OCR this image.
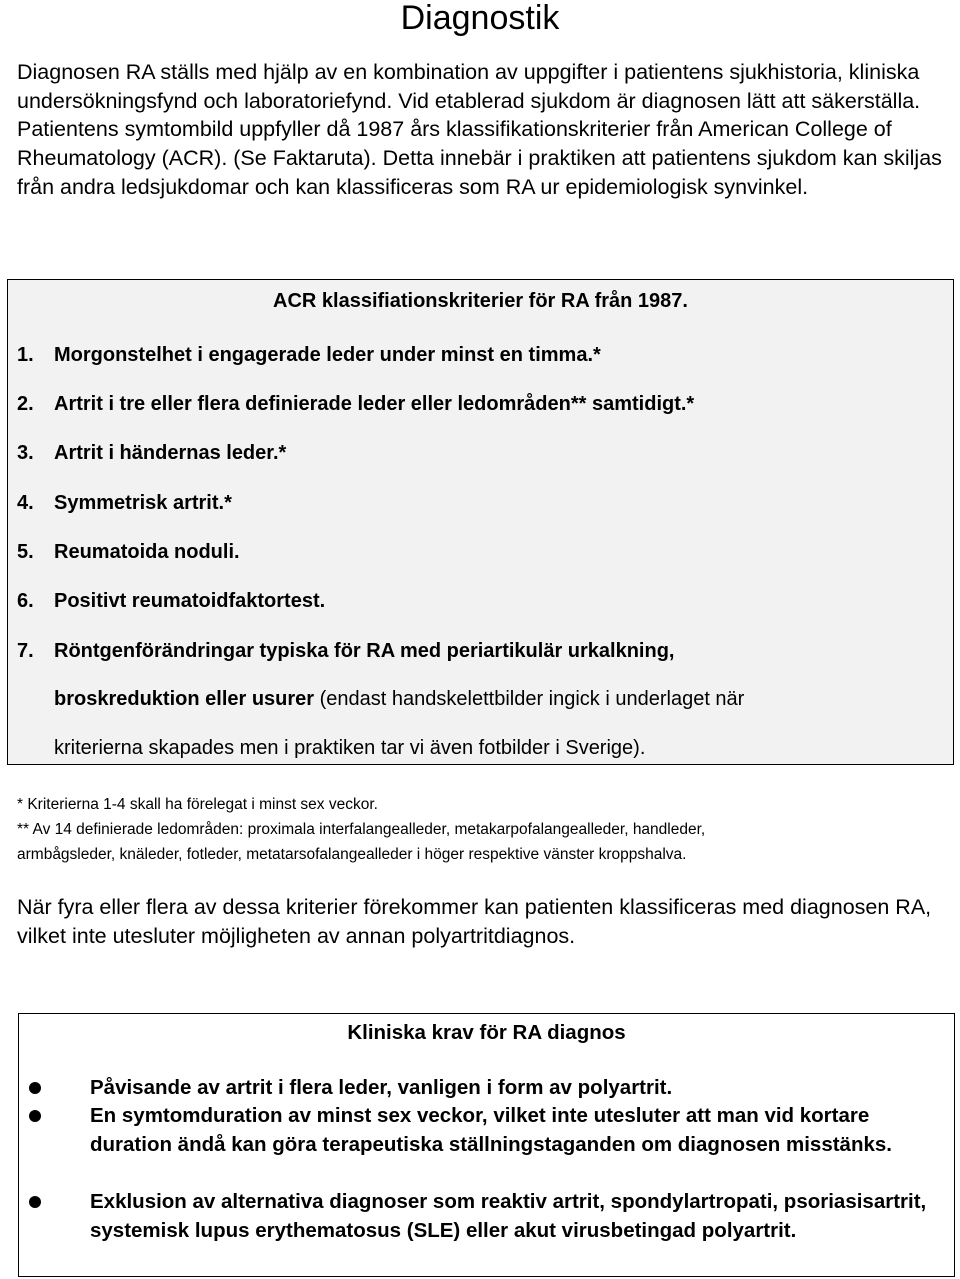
Diagnostik
Diagnosen RA ställs med hjälp av en kombination av uppgifter i patientens sjukhistoria, kliniska undersökningsfynd och laboratoriefynd. Vid etablerad sjukdom är diagnosen lätt att säkerställa. Patientens symtombild uppfyller då 1987 års klassifikationskriterier från American College of Rheumatology (ACR). (Se Faktaruta). Detta innebär i praktiken att patientens sjukdom kan skiljas från andra ledsjukdomar och kan klassificeras som RA ur epidemiologisk synvinkel.
ACR klassifiationskriterier för RA från 1987.
1. Morgonstelhet i engagerade leder under minst en timma.*
2. Artrit i tre eller flera definierade leder eller ledområden** samtidigt.*
3. Artrit i händernas leder.*
4. Symmetrisk artrit.*
5. Reumatoida noduli.
6. Positivt reumatoidfaktortest.
7. Röntgenförändringar typiska för RA med periartikulär urkalkning,
broskreduktion eller usurer (endast handskelettbilder ingick i underlaget när
kriterierna skapades men i praktiken tar vi även fotbilder i Sverige).
* Kriterierna 1-4 skall ha förelegat i minst sex veckor.
** Av 14 definierade ledområden: proximala interfalangealleder, metakarpofalangealleder, handleder,
armbågsleder, knäleder, fotleder, metatarsofalangealleder i höger respektive vänster kroppshalva.
När fyra eller flera av dessa kriterier förekommer kan patienten klassificeras med diagnosen RA, vilket inte utesluter möjligheten av annan polyartritdiagnos.
Kliniska krav för RA diagnos
Påvisande av artrit i flera leder, vanligen i form av polyartrit.
En symtomduration av minst sex veckor, vilket inte utesluter att man vid kortare duration ändå kan göra terapeutiska ställningstaganden om diagnosen misstänks.
Exklusion av alternativa diagnoser som reaktiv artrit, spondylartropati, psoriasisartrit, systemisk lupus erythematosus (SLE) eller akut virusbetingad polyartrit.
